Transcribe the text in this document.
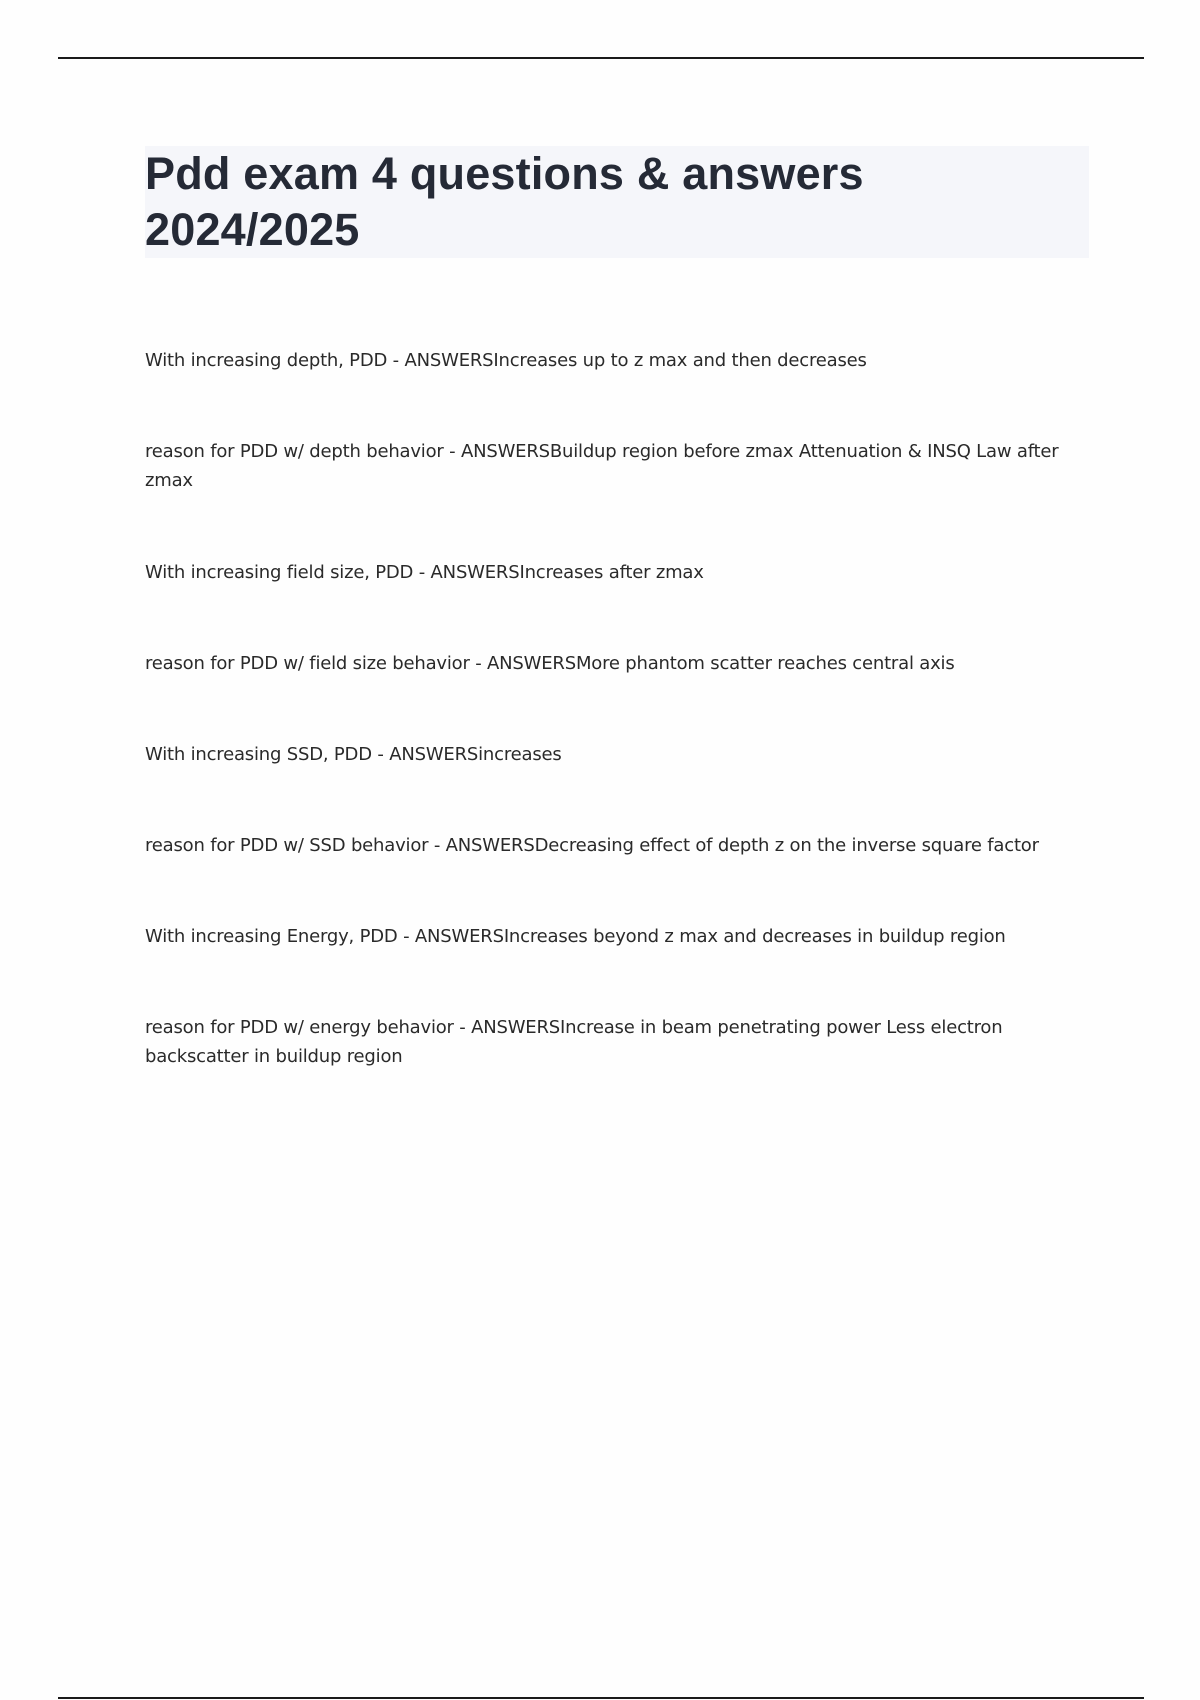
Pdd exam 4 questions & answers 2024/2025
With increasing depth, PDD - ANSWERSIncreases up to z max and then decreases
reason for PDD w/ depth behavior - ANSWERSBuildup region before zmax Attenuation & INSQ Law after zmax
With increasing field size, PDD - ANSWERSIncreases after zmax
reason for PDD w/ field size behavior - ANSWERSMore phantom scatter reaches central axis
With increasing SSD, PDD - ANSWERSincreases
reason for PDD w/ SSD behavior - ANSWERSDecreasing effect of depth z on the inverse square factor
With increasing Energy, PDD - ANSWERSIncreases beyond z max and decreases in buildup region
reason for PDD w/ energy behavior - ANSWERSIncrease in beam penetrating power Less electron backscatter in buildup region
